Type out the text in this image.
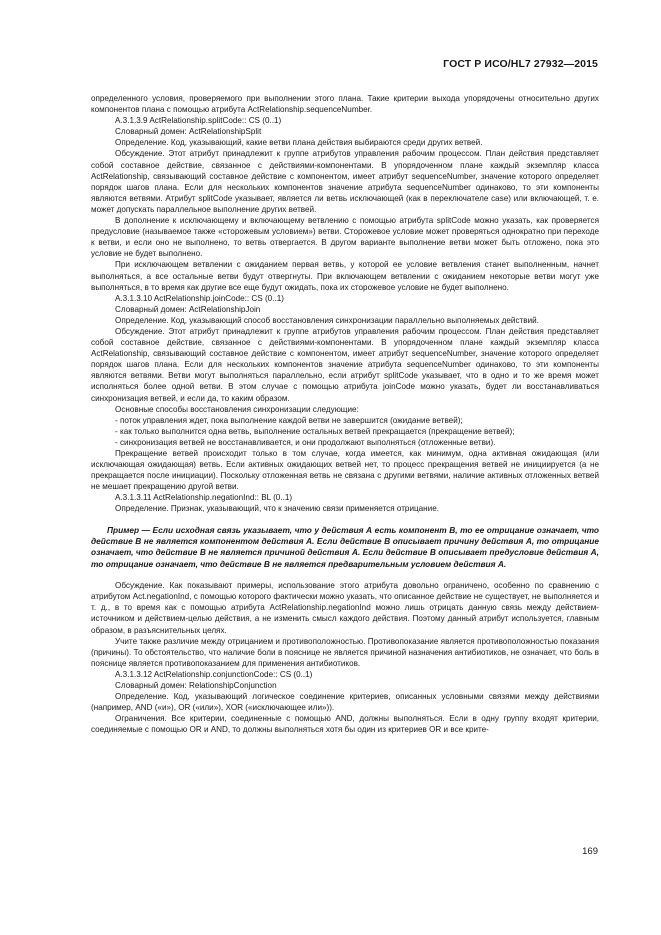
ГОСТ Р ИСО/HL7 27932—2015

определенного условия, проверяемого при выполнении этого плана. Такие критерии выхода упорядочены относительно других компонентов плана с помощью атрибута ActRelationship.sequenceNumber.

A.3.1.3.9 ActRelationship.splitCode:: CS (0..1)

Словарный домен: ActRelationshipSplit

Определение. Код, указывающий, какие ветви плана действия выбираются среди других ветвей.

Обсуждение. Этот атрибут принадлежит к группе атрибутов управления рабочим процессом. План действия представляет собой составное действие, связанное с действиями-компонентами. В упорядоченном плане каждый экземпляр класса ActRelationship, связывающий составное действие с компонентом, имеет атрибут sequenceNumber, значение которого определяет порядок шагов плана. Если для нескольких компонентов значение атрибута sequenceNumber одинаково, то эти компоненты являются ветвями. Атрибут splitCode указывает, является ли ветвь исключающей (как в переключателе case) или включающей, т. е. может допускать параллельное выполнение других ветвей.

В дополнение к исключающему и включающему ветвлению с помощью атрибута splitCode можно указать, как проверяется предусловие (называемое также «сторожевым условием») ветви. Сторожевое условие может проверяться однократно при переходе к ветви, и если оно не выполнено, то ветвь отвергается. В другом варианте выполнение ветви может быть отложено, пока это условие не будет выполнено.

При исключающем ветвлении с ожиданием первая ветвь, у которой ее условие ветвления станет выполненным, начнет выполняться, а все остальные ветви будут отвергнуты. При включающем ветвлении с ожиданием некоторые ветви могут уже выполняться, в то время как другие все еще будут ожидать, пока их сторожевое условие не будет выполнено.

A.3.1.3.10 ActRelationship.joinCode:: CS (0..1)

Словарный домен: ActRelationshipJoin

Определение. Код, указывающий способ восстановления синхронизации параллельно выполняемых действий.

Обсуждение. Этот атрибут принадлежит к группе атрибутов управления рабочим процессом. План действия представляет собой составное действие, связанное с действиями-компонентами. В упорядоченном плане каждый экземпляр класса ActRelationship, связывающий составное действие с компонентом, имеет атрибут sequenceNumber, значение которого определяет порядок шагов плана. Если для нескольких компонентов значение атрибута sequenceNumber одинаково, то эти компоненты являются ветвями. Ветви могут выполняться параллельно, если атрибут splitCode указывает, что в одно и то же время может исполняться более одной ветви. В этом случае с помощью атрибута joinCode можно указать, будет ли восстанавливаться синхронизация ветвей, и если да, то каким образом.

Основные способы восстановления синхронизации следующие:

- поток управления ждет, пока выполнение каждой ветви не завершится (ожидание ветвей);

- как только выполнится одна ветвь, выполнение остальных ветвей прекращается (прекращение ветвей);

- синхронизация ветвей не восстанавливается, и они продолжают выполняться (отложенные ветви).

Прекращение ветвей происходит только в том случае, когда имеется, как минимум, одна активная ожидающая (или исключающая ожидающая) ветвь. Если активных ожидающих ветвей нет, то процесс прекращения ветвей не инициируется (а не прекращается после инициации). Поскольку отложенная ветвь не связана с другими ветвями, наличие активных отложенных ветвей не мешает прекращению другой ветви.

A.3.1.3.11 ActRelationship.negationInd:: BL (0..1)

Определение. Признак, указывающий, что к значению связи применяется отрицание.

Пример — Если исходная связь указывает, что у действия А есть компонент В, то ее отрицание означает, что действие В не является компонентом действия А. Если действие В описывает причину действия А, то отрицание означает, что действие В не является причиной действия А. Если действие В описывает предусловие действия А, то отрицание означает, что действие В не является предварительным условием действия А.

Обсуждение. Как показывают примеры, использование этого атрибута довольно ограничено, особенно по сравнению с атрибутом Act.negationInd, с помощью которого фактически можно указать, что описанное действие не существует, не выполняется и т. д., в то время как с помощью атрибута ActRelationship.negationInd можно лишь отрицать данную связь между действием-источником и действием-целью действия, а не изменить смысл каждого действия. Поэтому данный атрибут используется, главным образом, в разъяснительных целях.

Учите также различие между отрицанием и противоположностью. Противопоказание является противоположностью показания (причины). То обстоятельство, что наличие боли в пояснице не является причиной назначения антибиотиков, не означает, что боль в пояснице является противопоказанием для применения антибиотиков.

A.3.1.3.12 ActRelationship.conjunctionCode:: CS (0..1)

Словарный домен: RelationshipConjunction

Определение. Код, указывающий логическое соединение критериев, описанных условными связями между действиями (например, AND («и»), OR («или»), XOR («исключающее или»)).

Ограничения. Все критерии, соединенные с помощью AND, должны выполняться. Если в одну группу входят критерии, соединяемые с помощью OR и AND, то должны выполняться хотя бы один из критериев OR и все крите-

169
